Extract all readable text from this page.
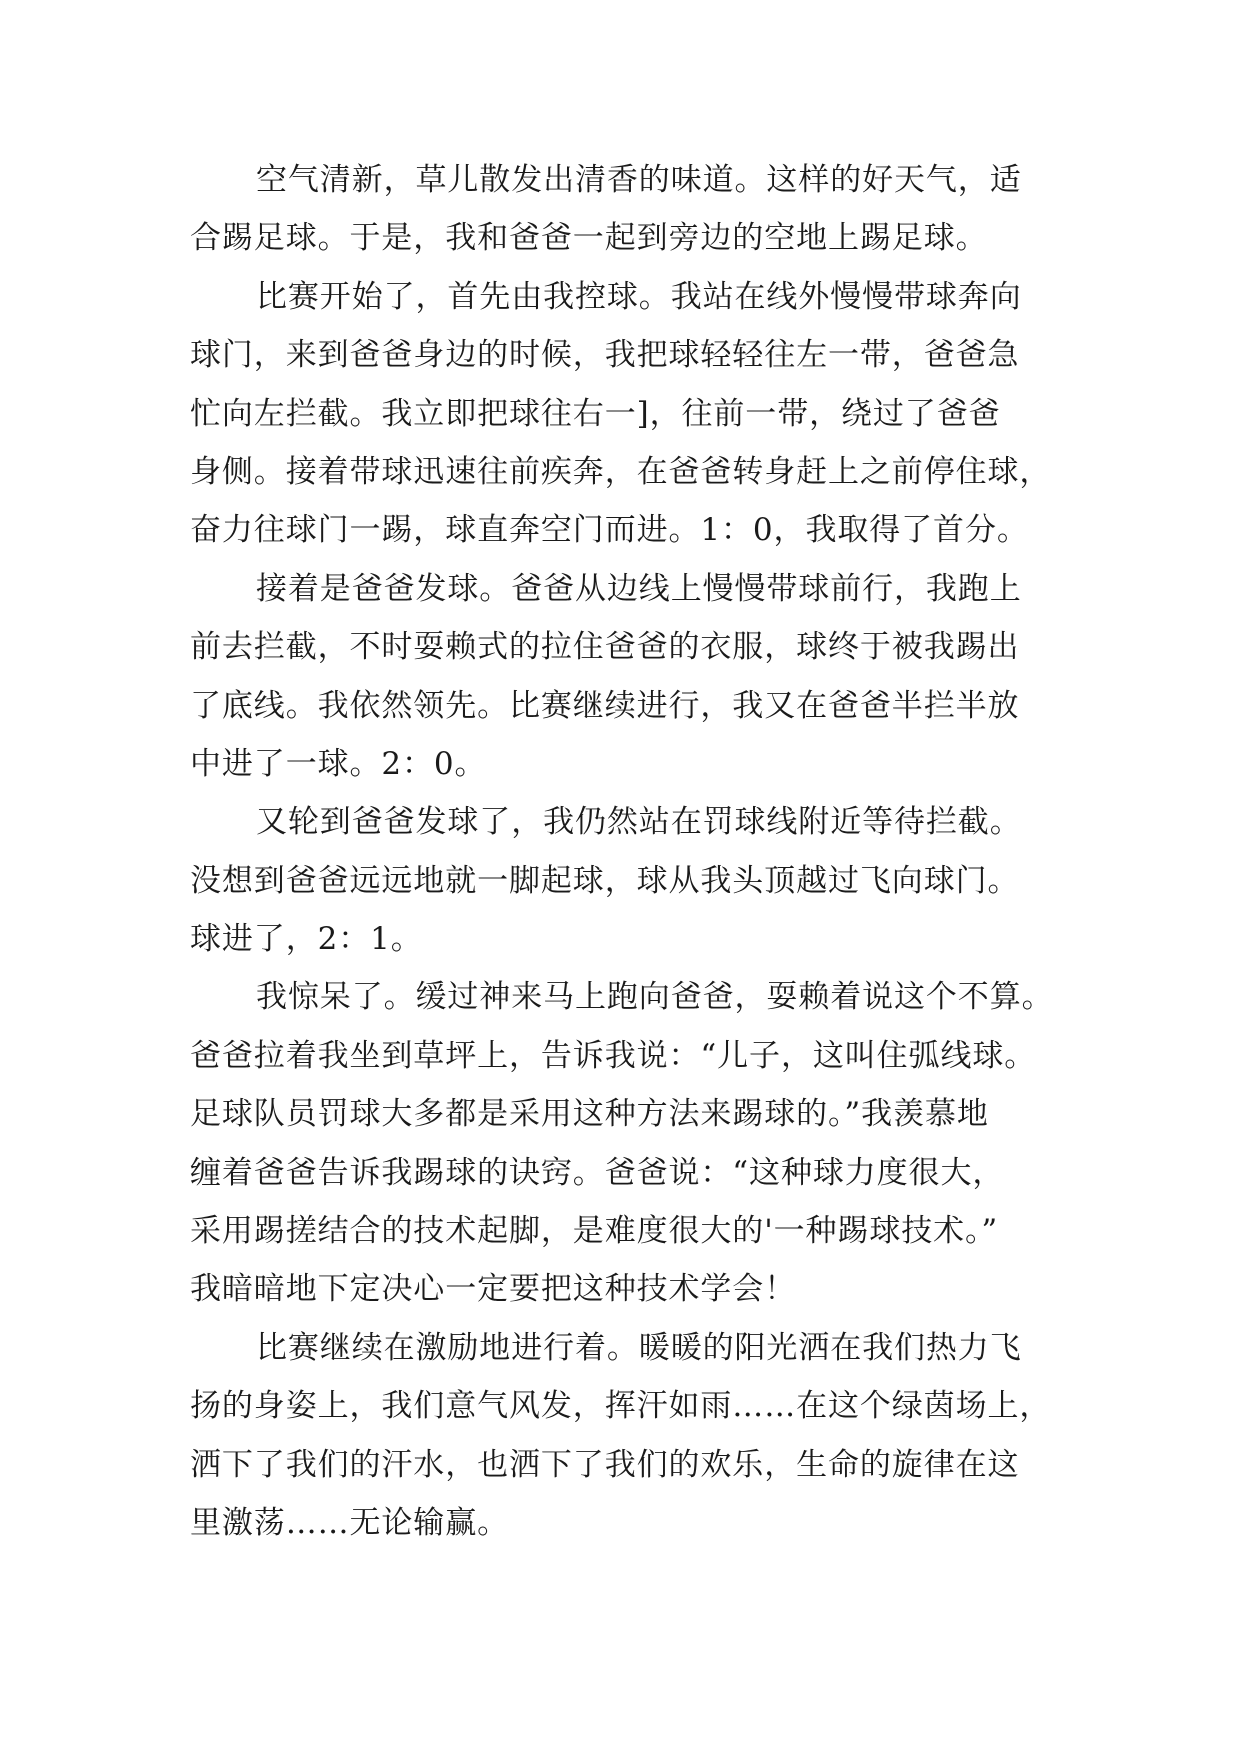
空气清新，草儿散发出清香的味道。这样的好天气，适
合踢足球。于是，我和爸爸一起到旁边的空地上踢足球。
比赛开始了，首先由我控球。我站在线外慢慢带球奔向
球门，来到爸爸身边的时候，我把球轻轻往左一带，爸爸急
忙向左拦截。我立即把球往右一]，往前一带，绕过了爸爸
身侧。接着带球迅速往前疾奔，在爸爸转身赶上之前停住球，
奋力往球门一踢，球直奔空门而进。1：0，我取得了首分。
接着是爸爸发球。爸爸从边线上慢慢带球前行，我跑上
前去拦截，不时耍赖式的拉住爸爸的衣服，球终于被我踢出
了底线。我依然领先。比赛继续进行，我又在爸爸半拦半放
中进了一球。2：0。
又轮到爸爸发球了，我仍然站在罚球线附近等待拦截。
没想到爸爸远远地就一脚起球，球从我头顶越过飞向球门。
球进了，2：1。
我惊呆了。缓过神来马上跑向爸爸，耍赖着说这个不算。
爸爸拉着我坐到草坪上，告诉我说：“儿子，这叫住弧线球。
足球队员罚球大多都是采用这种方法来踢球的。”我羡慕地
缠着爸爸告诉我踢球的诀窍。爸爸说：“这种球力度很大，
采用踢搓结合的技术起脚，是难度很大的'一种踢球技术。”
我暗暗地下定决心一定要把这种技术学会！
比赛继续在激励地进行着。暖暖的阳光洒在我们热力飞
扬的身姿上，我们意气风发，挥汗如雨……在这个绿茵场上，
洒下了我们的汗水，也洒下了我们的欢乐，生命的旋律在这
里激荡……无论输赢。
